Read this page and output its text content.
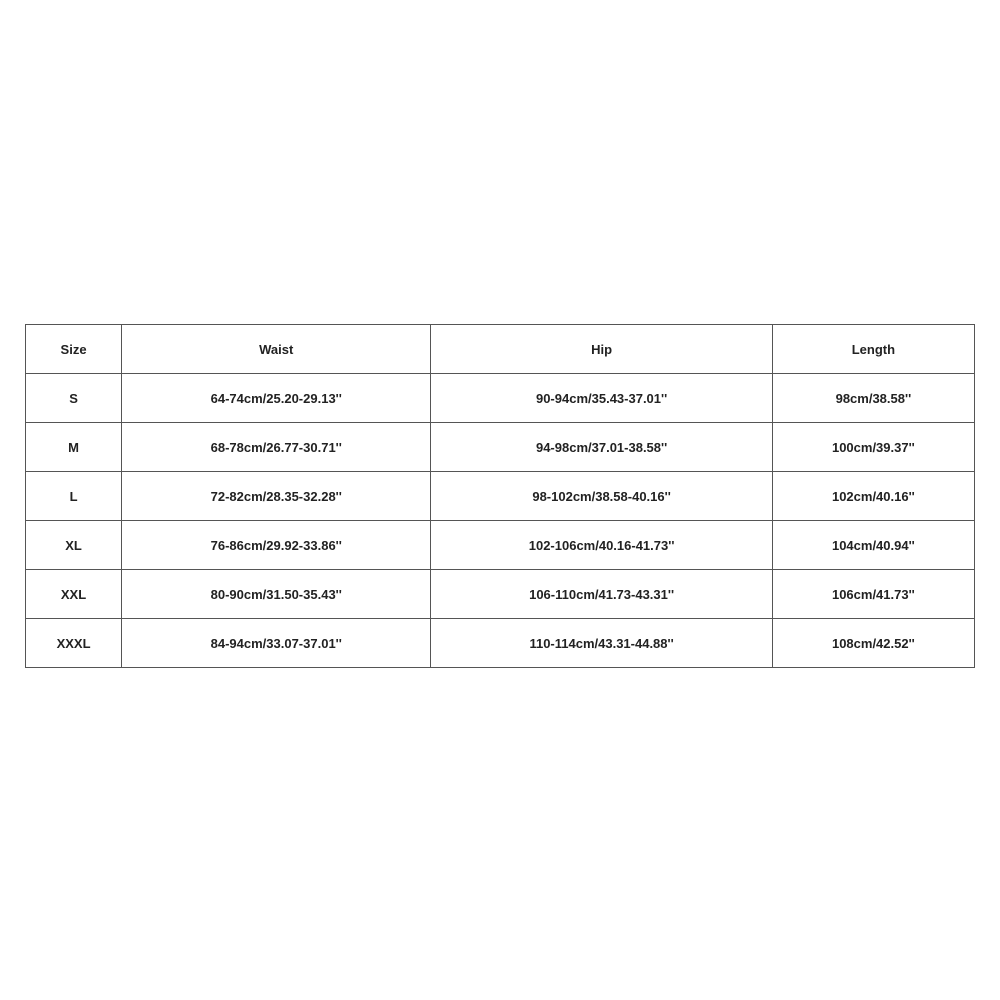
Size	Waist	Hip	Length
S	64-74cm/25.20-29.13''	90-94cm/35.43-37.01''	98cm/38.58''
M	68-78cm/26.77-30.71''	94-98cm/37.01-38.58''	100cm/39.37''
L	72-82cm/28.35-32.28''	98-102cm/38.58-40.16''	102cm/40.16''
XL	76-86cm/29.92-33.86''	102-106cm/40.16-41.73''	104cm/40.94''
XXL	80-90cm/31.50-35.43''	106-110cm/41.73-43.31''	106cm/41.73''
XXXL	84-94cm/33.07-37.01''	110-114cm/43.31-44.88''	108cm/42.52''
